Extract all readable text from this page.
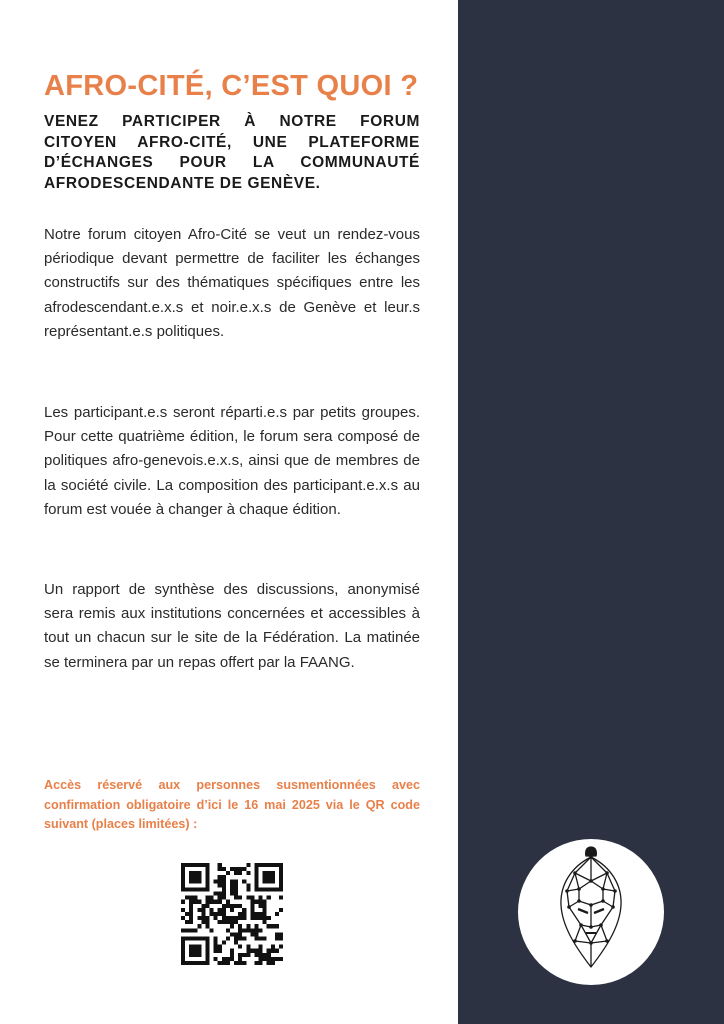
AFRO-CITÉ, C’EST QUOI ?

VENEZ PARTICIPER À NOTRE FORUM CITOYEN AFRO-CITÉ, UNE PLATEFORME D’ÉCHANGES POUR LA COMMUNAUTÉ AFRODESCENDANTE DE GENÈVE.

Notre forum citoyen Afro-Cité se veut un rendez-vous périodique devant permettre de faciliter les échanges constructifs sur des thématiques spécifiques entre les afrodescendant.e.x.s et noir.e.x.s de Genève et leur.s représentant.e.s politiques.

Les participant.e.s seront réparti.e.s par petits groupes. Pour cette quatrième édition, le forum sera composé de politiques afro-genevois.e.x.s, ainsi que de membres de la société civile. La composition des participant.e.x.s au forum est vouée à changer à chaque édition.

Un rapport de synthèse des discussions, anonymisé sera remis aux institutions concernées et accessibles à tout un chacun sur le site de la Fédération. La matinée se terminera par un repas offert par la FAANG.

Accès réservé aux personnes susmentionnées avec confirmation obligatoire d’ici le 16 mai 2025 via le QR code suivant (places limitées) :
